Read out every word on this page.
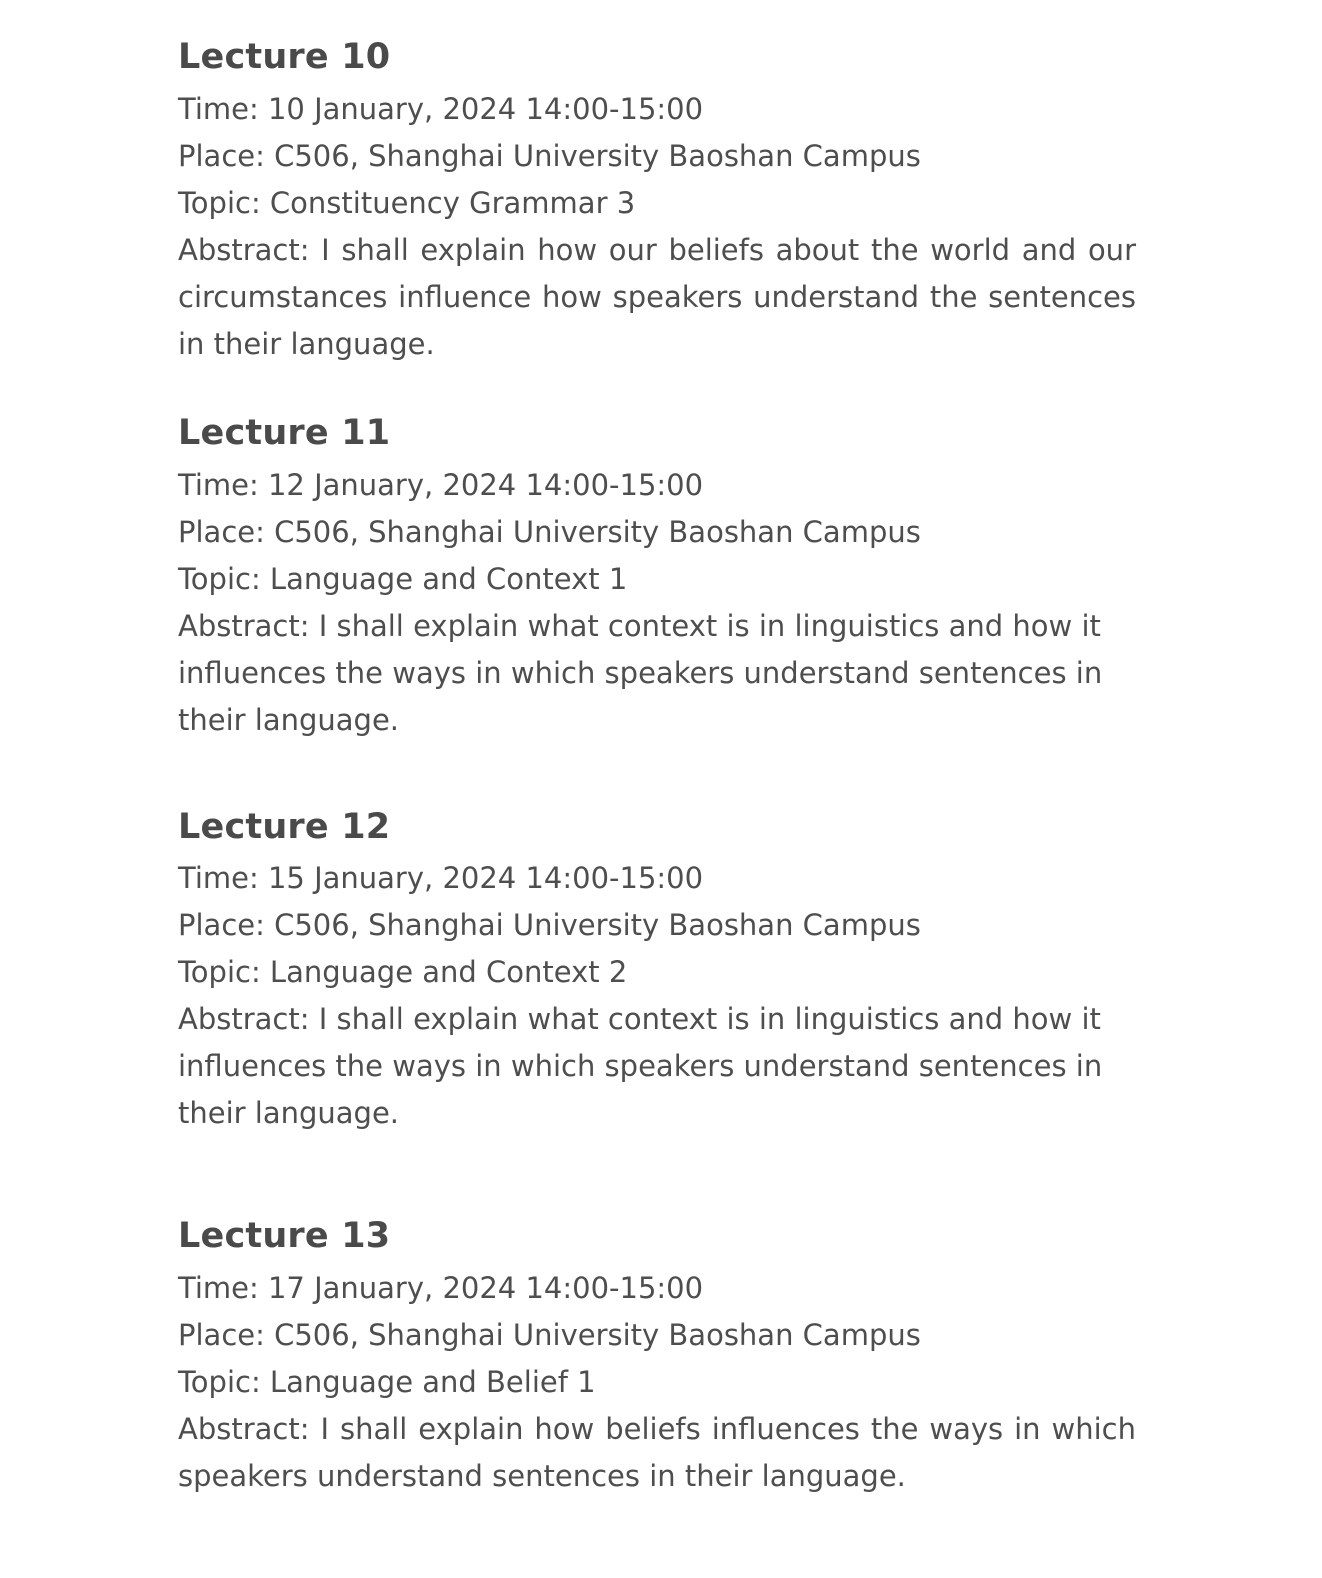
Lecture 10
Time: 10 January, 2024 14:00-15:00
Place: C506, Shanghai University Baoshan Campus
Topic: Constituency Grammar 3
Abstract: I shall explain how our beliefs about the world and our circumstances influence how speakers understand the sentences in their language.
Lecture 11
Time: 12 January, 2024 14:00-15:00
Place: C506, Shanghai University Baoshan Campus
Topic: Language and Context 1
Abstract: I shall explain what context is in linguistics and how it influences the ways in which speakers understand sentences in their language.
Lecture 12
Time: 15 January, 2024 14:00-15:00
Place: C506, Shanghai University Baoshan Campus
Topic: Language and Context 2
Abstract: I shall explain what context is in linguistics and how it influences the ways in which speakers understand sentences in their language.
Lecture 13
Time: 17 January, 2024 14:00-15:00
Place: C506, Shanghai University Baoshan Campus
Topic: Language and Belief 1
Abstract: I shall explain how beliefs influences the ways in which speakers understand sentences in their language.
